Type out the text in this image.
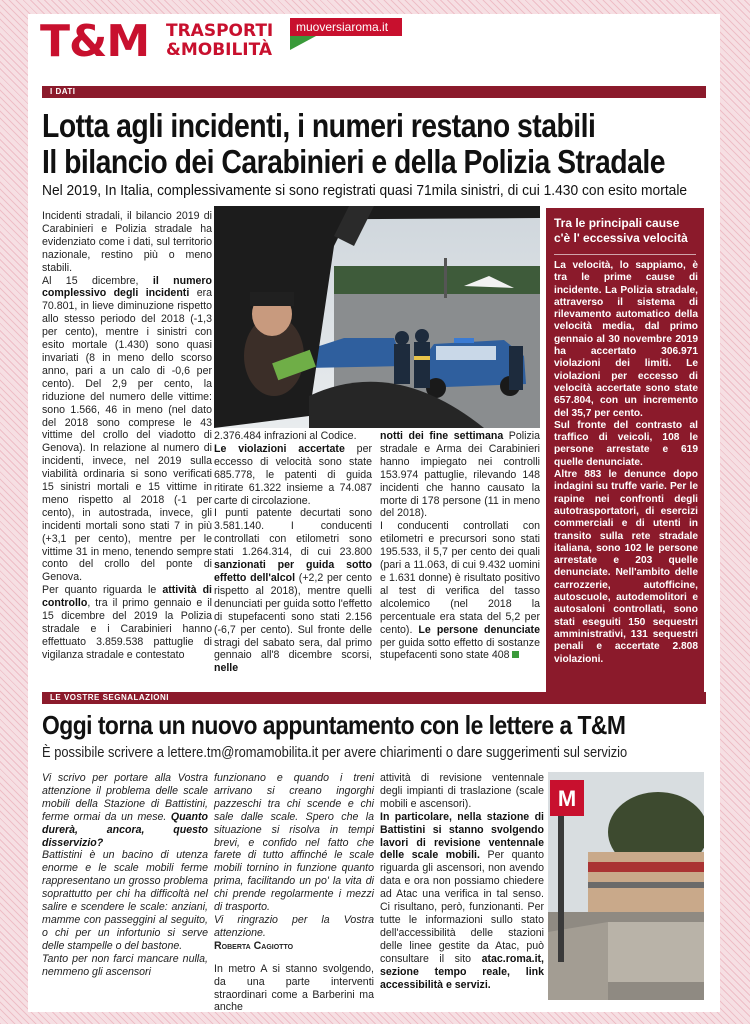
T&M TRASPORTI
&MOBILITÀ
muoversiaroma.it
I DATI
Lotta agli incidenti, i numeri restano stabili
Il bilancio dei Carabinieri e della Polizia Stradale
Nel 2019, In Italia, complessivamente si sono registrati quasi 71mila sinistri, di cui 1.430 con esito mortale

Incidenti stradali, il bilancio 2019 di Carabinieri e Polizia stradale ha evidenziato come i dati, sul territorio nazionale, restino più o meno stabili.

Al 15 dicembre, il numero complessivo degli incidenti era 70.801, in lieve diminuzione rispetto allo stesso periodo del 2018 (-1,3 per cento), mentre i sinistri con esito mortale (1.430) sono quasi invariati (8 in meno dello scorso anno, pari a un calo di -0,6 per cento). Del 2,9 per cento, la riduzione del numero delle vittime: sono 1.566, 46 in meno (nel dato del 2018 sono comprese le 43 vittime del crollo del viadotto di Genova). In relazione al numero di incidenti, invece, nel 2019 sulla viabilità ordinaria si sono verificati 15 sinistri mortali e 15 vittime in meno rispetto al 2018 (-1 per cento), in autostrada, invece, gli incidenti mortali sono stati 7 in più (+3,1 per cento), mentre per le vittime 31 in meno, tenendo sempre conto del crollo del ponte di Genova.

Per quanto riguarda le attività di controllo, tra il primo gennaio e il 15 dicembre del 2019 la Polizia stradale e i Carabinieri hanno effettuato 3.859.538 pattuglie di vigilanza stradale e contestato

2.376.484 infrazioni al Codice.

Le violazioni accertate per eccesso di velocità sono state 685.778, le patenti di guida ritirate 61.322 insieme a 74.087 carte di circolazione.

I punti patente decurtati sono 3.581.140. I conducenti controllati con etilometri sono stati 1.264.314, di cui 23.800 sanzionati per guida sotto effetto dell'alcol (+2,2 per cento rispetto al 2018), mentre quelli denunciati per guida sotto l'effetto di stupefacenti sono stati 2.156 (-6,7 per cento). Sul fronte delle stragi del sabato sera, dal primo gennaio all'8 dicembre scorsi, nelle

notti dei fine settimana Polizia stradale e Arma dei Carabinieri hanno impiegato nei controlli 153.974 pattuglie, rilevando 148 incidenti che hanno causato la morte di 178 persone (11 in meno del 2018).

I conducenti controllati con etilometri e precursori sono stati 195.533, il 5,7 per cento dei quali (pari a 11.063, di cui 9.432 uomini e 1.631 donne) è risultato positivo al test di verifica del tasso alcolemico (nel 2018 la percentuale era stata del 5,2 per cento). Le persone denunciate per guida sotto effetto di sostanze stupefacenti sono state 408

Tra le principali cause c'è l' eccessiva velocità
La velocità, lo sappiamo, è tra le prime cause di incidente. La Polizia stradale, attraverso il sistema di rilevamento automatico della velocità media, dal primo gennaio al 30 novembre 2019 ha accertato 306.971 violazioni dei limiti. Le violazioni per eccesso di velocità accertate sono state 657.804, con un incremento del 35,7 per cento.
Sul fronte del contrasto al traffico di veicoli, 108 le persone arrestate e 619 quelle denunciate.
Altre 883 le denunce dopo indagini su truffe varie. Per le rapine nei confronti degli autotrasportatori, di esercizi commerciali e di utenti in transito sulla rete stradale italiana, sono 102 le persone arrestate e 203 quelle denunciate. Nell'ambito delle carrozzerie, autofficine, autoscuole, autodemolitori e autosaloni controllati, sono stati eseguiti 150 sequestri amministrativi, 131 sequestri penali e accertate 2.808 violazioni.
LE VOSTRE SEGNALAZIONI
Oggi torna un nuovo appuntamento con le lettere a T&M
È possibile scrivere a lettere.tm@romamobilita.it per avere chiarimenti o dare suggerimenti sul servizio

Vi scrivo per portare alla Vostra attenzione il problema delle scale mobili della Stazione di Battistini, ferme ormai da un mese. Quanto durerà, ancora, questo disservizio?

Battistini è un bacino di utenza enorme e le scale mobili ferme rappresentano un grosso problema soprattutto per chi ha difficoltà nel salire e scendere le scale: anziani, mamme con passeggini al seguito, o chi per un infortunio si serve delle stampelle o del bastone.

Tanto per non farci mancare nulla, nemmeno gli ascensori

funzionano e quando i treni arrivano si creano ingorghi pazzeschi tra chi scende e chi sale dalle scale. Spero che la situazione si risolva in tempi brevi, e confido nel fatto che farete di tutto affinché le scale mobili tornino in funzione quanto prima, facilitando un po' la vita di chi prende regolarmente i mezzi di trasporto.

Vi ringrazio per la Vostra attenzione.

Roberta Cagiotto

In metro A si stanno svolgendo, da una parte interventi straordinari come a Barberini ma anche

attività di revisione ventennale degli impianti di traslazione (scale mobili e ascensori).

In particolare, nella stazione di Battistini si stanno svolgendo lavori di revisione ventennale delle scale mobili. Per quanto riguarda gli ascensori, non avendo data e ora non possiamo chiedere ad Atac una verifica in tal senso. Ci risultano, però, funzionanti. Per tutte le informazioni sullo stato dell'accessibilità delle stazioni delle linee gestite da Atac, può consultare il sito atac.roma.it, sezione tempo reale, link accessibilità e servizi.

M
